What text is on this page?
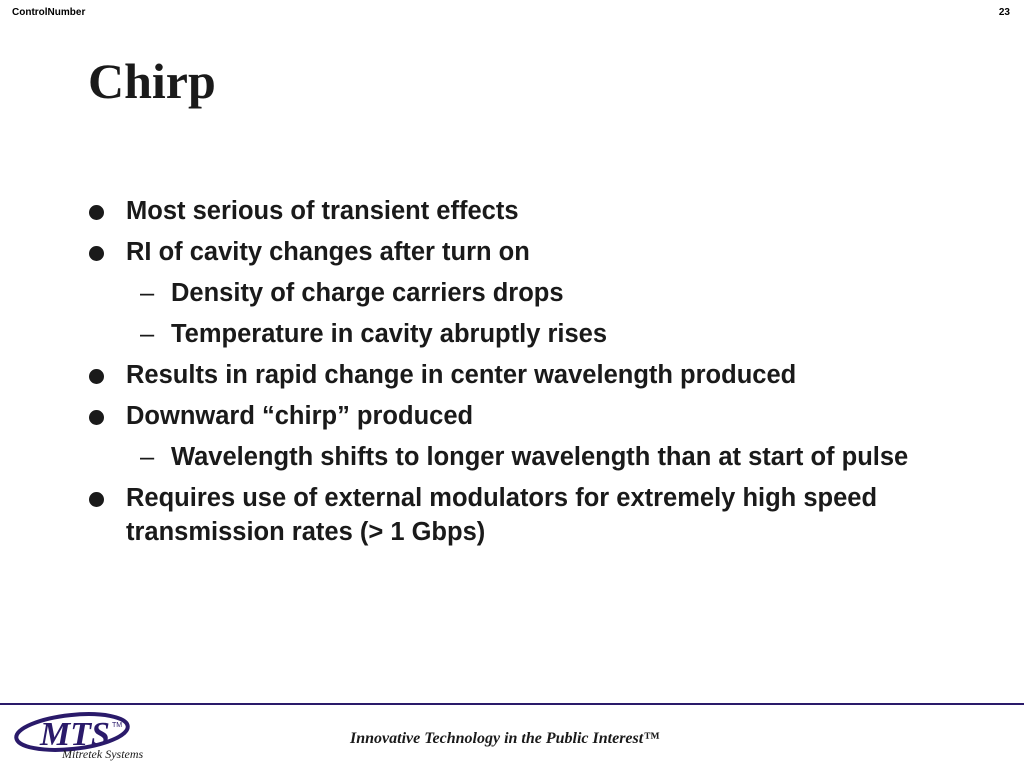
ControlNumber	23
Chirp
Most serious of transient effects
RI of cavity changes after turn on
– Density of charge carriers drops
– Temperature in cavity abruptly rises
Results in rapid change in center wavelength produced
Downward “chirp” produced
– Wavelength shifts to longer wavelength than at start of pulse
Requires use of external modulators for extremely high speed transmission rates (> 1 Gbps)
MTS TM
Mitretek Systems
Innovative Technology in the Public Interest™
